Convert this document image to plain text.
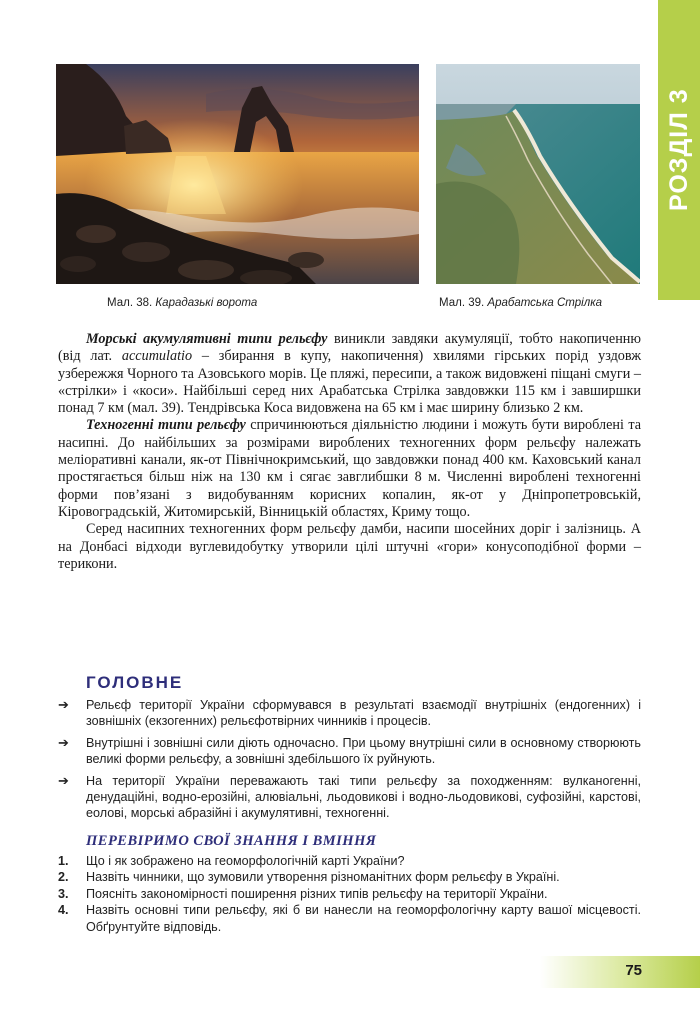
РОЗДІЛ 3
Мал. 38. Карадазькі ворота	Мал. 39. Арабатська Стрілка

Морські акумулятивні типи рельєфу виникли завдяки акумуляції, тобто накопиченню (від лат. accumulatio – збирання в купу, накопичення) хвилями гірських порід уздовж узбережжя Чорного та Азовського морів. Це пляжі, пересипи, а також видовжені піщані смуги – «стрілки» і «коси». Найбільші серед них Арабатська Стрілка завдовжки 115 км і завширшки понад 7 км (мал. 39). Тендрівська Коса видовжена на 65 км і має ширину близько 2 км.

Техногенні типи рельєфу спричинюються діяльністю людини і можуть бути вироблені та насипні. До найбільших за розмірами вироблених техногенних форм рельєфу належать меліоративні канали, як-от Північнокримський, що завдовжки понад 400 км. Каховський канал простягається більш ніж на 130 км і сягає завглибшки 8 м. Численні вироблені техногенні форми пов’язані з видобуванням корисних копалин, як-от у Дніпропетровській, Кіровоградській, Житомирській, Вінницькій областях, Криму тощо.

Серед насипних техногенних форм рельєфу дамби, насипи шосейних доріг і залізниць. А на Донбасі відходи вуглевидобутку утворили цілі штучні «гори» конусоподібної форми – терикони.

ГОЛОВНЕ
➔	Рельєф території України сформувався в результаті взаємодії внутрішніх (ендогенних) і зовнішніх (екзогенних) рельєфотвірних чинників і процесів.
➔	Внутрішні і зовнішні сили діють одночасно. При цьому внутрішні сили в основному створюють великі форми рельєфу, а зовнішні здебільшого їх руйнують.
➔	На території України переважають такі типи рельєфу за походженням: вулканогенні, денудаційні, водно-ерозійні, алювіальні, льодовикові і водно-льодовикові, суфозійні, карстові, еолові, морські абразійні і акумулятивні, техногенні.
ПЕРЕВІРИМО СВОЇ ЗНАННЯ І ВМІННЯ
1.	Що і як зображено на геоморфологічній карті України?
2.	Назвіть чинники, що зумовили утворення різноманітних форм рельєфу в Україні.
3.	Поясніть закономірності поширення різних типів рельєфу на території України.
4.	Назвіть основні типи рельєфу, які б ви нанесли на геоморфологічну карту вашої місцевості. Обґрунтуйте відповідь.
75
